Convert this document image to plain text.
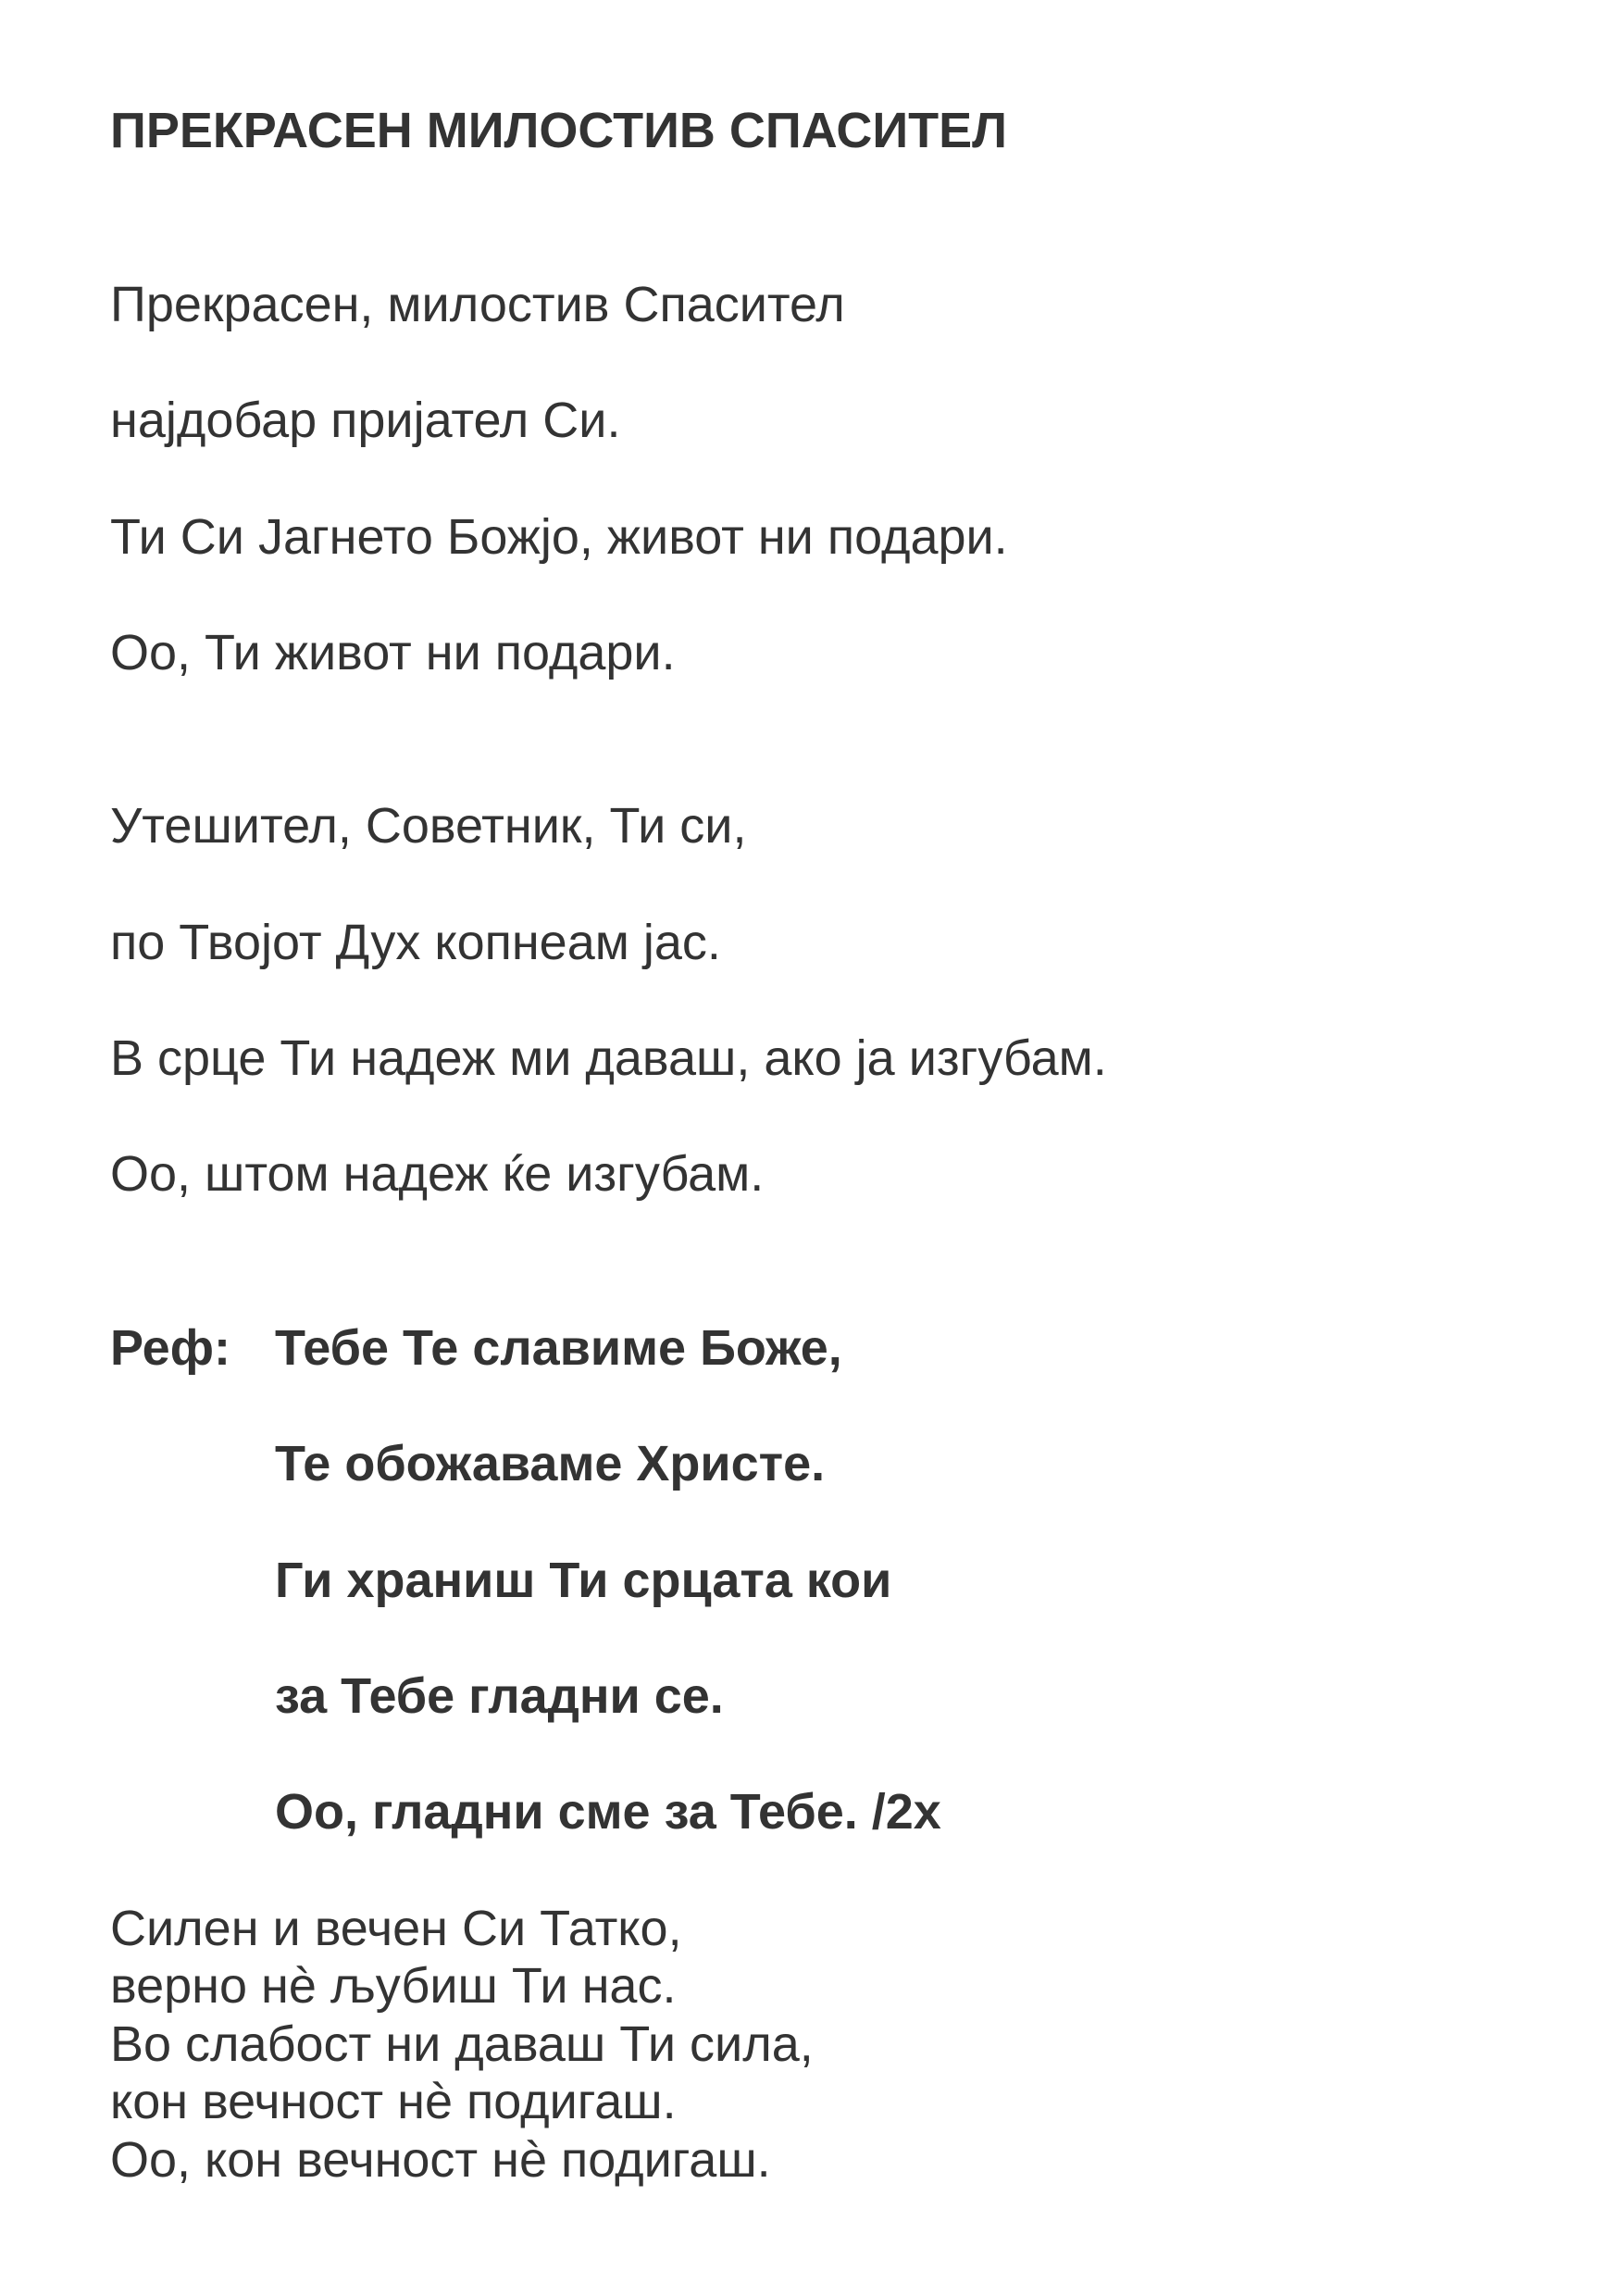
ПРЕКРАСЕН МИЛОСТИВ СПАСИТЕЛ
Прекрасен, милостив Спасител
најдобар пријател Си.
Ти Си Јагнето Божјо, живот ни подари.
Оо, Ти живот ни подари.
Утешител, Советник, Ти си,
по Твојот Дух копнеам јас.
В срце Ти надеж ми даваш, ако ја изгубам.
Оо, штом надеж ќе изгубам.
Реф: Тебе Те славиме Боже,
Те обожаваме Христе.
Ги храниш Ти срцата кои
за Тебе гладни се.
Оо, гладни сме за Тебе. /2х
Силен и вечен Си Татко,
верно нè љубиш Ти нас.
Во слабост ни даваш Ти сила,
кон вечност нè подигаш.
Оо, кон вечност нè подигаш.
